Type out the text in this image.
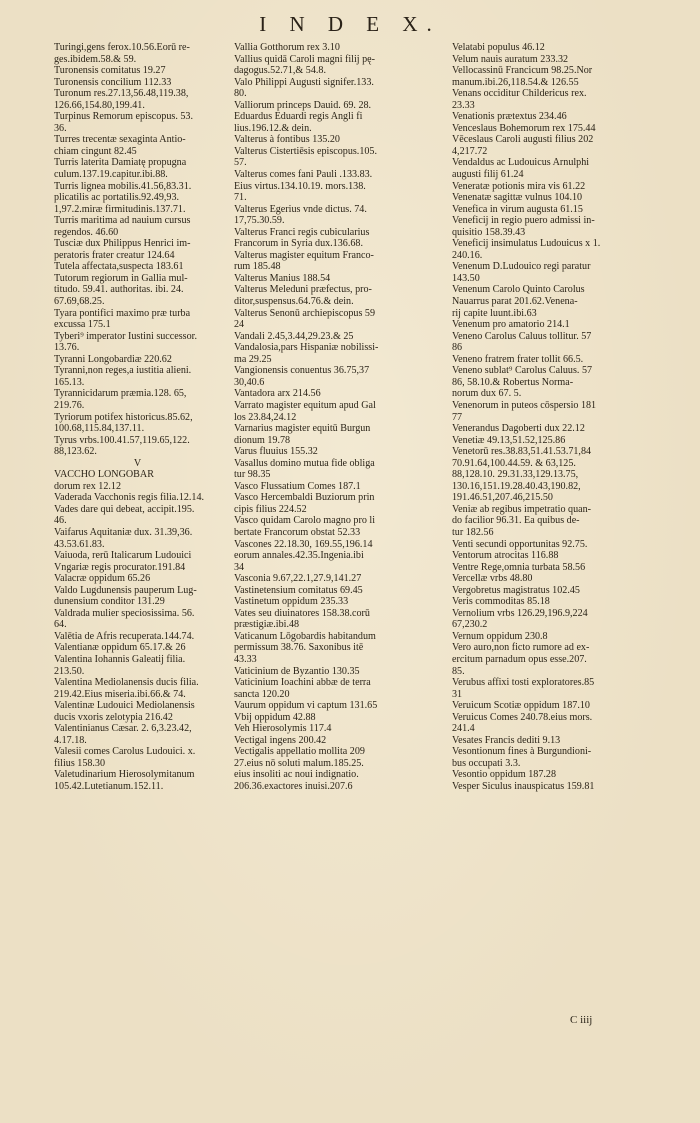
I N D E X.
Turingi,gens ferox.10.56.Eorū re-
ges.ibidem.58.& 59.
Turonensis comitatus 19.27
Turonensis concilium 112.33
Turonum res.27.13,56.48,119.38,
126.66,154.80,199.41.
Turpinus Remorum episcopus. 53.
36.
Turres trecentæ sexaginta Antio-
chiam cingunt 82.45
Turris laterita Damiatę propugna
culum.137.19.capitur.ibi.88.
Turris lignea mobilis.41.56,83.31.
plicatilis ac portatilis.92.49,93.
1,97.2.miræ firmitudinis.137.71.
Turris maritima ad nauium cursus
regendos. 46.60
Tusciæ dux Philippus Henrici im-
peratoris frater creatur 124.64
Tutela affectata,suspecta 183.61
Tutorum regiorum in Gallia mul-
titudo. 59.41. authoritas. ibi. 24.
67.69,68.25.
Tyara pontifici maximo præ turba
excussa 175.1
Tyberi⁹ imperator Iustini successor.
13.76.
Tyranni Longobardiæ 220.62
Tyranni,non reges,a iustitia alieni.
165.13.
Tyrannicidarum præmia.128. 65,
219.76.
Tyriorum potifex historicus.85.62,
100.68,115.84,137.11.
Tyrus vrbs.100.41.57,119.65,122.
88,123.62.
V
VACCHO LONGOBAR
dorum rex 12.12
Vaderada Vacchonis regis filia.12.14.
Vades dare qui debeat, accipit.195.
46.
Vaifarus Aquitaniæ dux. 31.39,36.
43.53.61.83.
Vaiuoda, rerū Italicarum Ludouici
Vngariæ regis procurator.191.84
Valacræ oppidum 65.26
Valdo Lugdunensis pauperum Lug-
dunensium conditor 131.29
Valdrada mulier speciosissima. 56.
64.
Valētia de Afris recuperata.144.74.
Valentianæ oppidum 65.17.& 26
Valentina Iohannis Galeatij filia.
213.50.
Valentina Mediolanensis ducis filia.
219.42.Eius miseria.ibi.66.& 74.
Valentinæ Ludouici Mediolanensis
ducis vxoris zelotypia 216.42
Valentinianus Cæsar. 2. 6,3.23.42,
4.17.18.
Valesii comes Carolus Ludouici. x.
filius 158.30
Valetudinarium Hierosolymitanum
105.42.Lutetianum.152.11.
Vallia Gotthorum rex 3.10
Vallius quidā Caroli magni filij pę-
dagogus.52.71,& 54.8.
Valo Philippi Augusti signifer.133.
80.
Valliorum princeps Dauid. 69. 28.
Eduardus Eduardi regis Angli fi
lius.196.12.& dein.
Valterus à fontibus 135.20
Valterus Cistertiēsis episcopus.105.
57.
Valterus comes fani Pauli .133.83.
Eius virtus.134.10.19. mors.138.
71.
Valterus Egerius vnde dictus. 74.
17,75.30.59.
Valterus Franci regis cubicularius
Francorum in Syria dux.136.68.
Valterus magister equitum Franco-
rum 185.48
Valterus Manius 188.54
Valterus Meleduni præfectus, pro-
ditor,suspensus.64.76.& dein.
Valterus Senonū archiepiscopus 59
24
Vandali 2.45,3.44,29.23.& 25
Vandalosia,pars Hispaniæ nobilissi-
ma 29.25
Vangionensis conuentus 36.75,37
30,40.6
Vantadora arx 214.56
Varrato magister equitum apud Gal
los 23.84,24.12
Varnarius magister equitū Burgun
dionum 19.78
Varus fluuius 155.32
Vasallus domino mutua fide obliga
tur 98.35
Vasco Flussatium Comes 187.1
Vasco Hercembaldi Buziorum prin
cipis filius 224.52
Vasco quidam Carolo magno pro li
bertate Francorum obstat 52.33
Vascones 22.18.30, 169.55,196.14
eorum annales.42.35.Ingenia.ibi
34
Vasconia 9.67,22.1,27.9,141.27
Vastinetensium comitatus 69.45
Vastinetum oppidum 235.33
Vates seu diuinatores 158.38.corū
præstigiæ.ibi.48
Vaticanum Lōgobardis habitandum
permissum 38.76. Saxonibus itē
43.33
Vaticinium de Byzantio 130.35
Vaticinium Ioachini abbæ de terra
sancta 120.20
Vaurum oppidum vi captum 131.65
Vbij oppidum 42.88
Veh Hierosolymis 117.4
Vectigal ingens 200.42
Vectigalis appellatio mollita 209
27.eius nō soluti malum.185.25.
eius insoliti ac noui indignatio.
206.36.exactores inuisi.207.6
Velatabi populus 46.12
Velum nauis auratum 233.32
Vellocassinū Francicum 98.25.Nor
manum.ibi.26,118.54.& 126.55
Venans occiditur Childericus rex.
23.33
Venationis prætextus 234.46
Venceslaus Bohemorum rex 175.44
Vēceslaus Caroli augusti filius 202
4,217.72
Vendaldus ac Ludouicus Arnulphi
augusti filij 61.24
Veneratæ potionis mira vis 61.22
Venenatæ sagittæ vulnus 104.10
Venefica in virum augusta 61.15
Veneficij in regio puero admissi in-
quisitio 158.39.43
Veneficij insimulatus Ludouicus x 1.
240.16.
Venenum D.Ludouico regi paratur
143.50
Venenum Carolo Quinto Carolus
Nauarrus parat 201.62.Venena-
rij capite luunt.ibi.63
Venenum pro amatorio 214.1
Veneno Carolus Caluus tollitur. 57
86
Veneno fratrem frater tollit 66.5.
Veneno sublat⁹ Carolus Caluus. 57
86, 58.10.& Robertus Norma-
norum dux 67. 5.
Venenorum in puteos cōspersio 181
77
Venerandus Dagoberti dux 22.12
Venetiæ 49.13,51.52,125.86
Venetorū res.38.83,51.41.53.71,84
70.91.64,100.44.59. & 63,125.
88,128.10. 29.31.33,129.13.75,
130.16,151.19.28.40.43,190.82,
191.46.51,207.46,215.50
Veniæ ab regibus impetratio quan-
do facilior 96.31. Ea quibus de-
tur 182.56
Venti secundi opportunitas 92.75.
Ventorum atrocitas 116.88
Ventre Rege,omnia turbata 58.56
Vercellæ vrbs 48.80
Vergobretus magistratus 102.45
Veris commoditas 85.18
Vernolium vrbs 126.29,196.9,224
67,230.2
Vernum oppidum 230.8
Vero auro,non ficto rumore ad ex-
ercitum parnadum opus esse.207.
85.
Verubus affixi tosti exploratores.85
31
Veruicum Scotiæ oppidum 187.10
Veruicus Comes 240.78.eius mors.
241.4
Vesates Francis dediti 9.13
Vesontionum fines à Burgundioni-
bus occupati 3.3.
Vesontio oppidum 187.28
Vesper Siculus inauspicatus 159.81
C iiij
